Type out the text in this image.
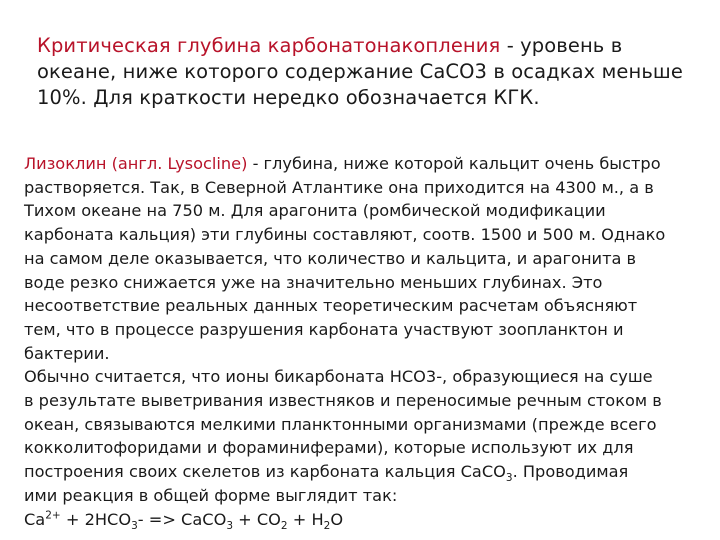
Критическая глубина карбонатонакопления - уровень в
океане, ниже которого содержание CaCO3 в осадках меньше
10%. Для краткости нередко обозначается КГК.

Лизоклин (англ. Lysocline) - глубина, ниже которой кальцит очень быстро
растворяется. Так, в Северной Атлантике она приходится на 4300 м., а в
Тихом океане на 750 м. Для арагонита (ромбической модификации
карбоната кальция) эти глубины составляют, соотв. 1500 и 500 м. Однако
на самом деле оказывается, что количество и кальцита, и арагонита в
воде резко снижается уже на значительно меньших глубинах. Это
несоответствие реальных данных теоретическим расчетам объясняют
тем, что в процессе разрушения карбоната участвуют зоопланктон и
бактерии.

Обычно считается, что ионы бикарбоната HCO3-, образующиеся на суше
в результате выветривания известняков и переносимые речным стоком в
океан, связываются мелкими планктонными организмами (прежде всего
кокколитофоридами и фораминиферами), которые используют их для
построения своих скелетов из карбоната кальция CaCO$_3$. Проводимая
ими реакция в общей форме выглядит так:
$Ca^{2+} + 2HCO_3-$ => CaCO$_3$ + $CO_2 + H_2O$
